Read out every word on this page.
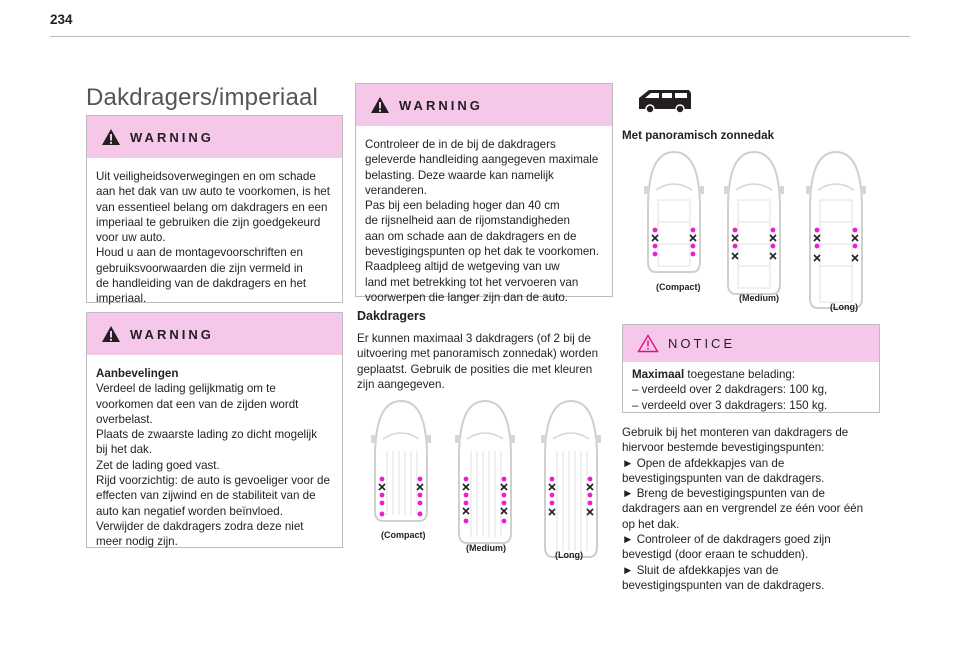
234
Dakdragers/imperiaal
WARNING

Uit veiligheidsoverwegingen en om schade

aan het dak van uw auto te voorkomen, is het

van essentieel belang om dakdragers en een

imperiaal te gebruiken die zijn goedgekeurd

voor uw auto.

Houd u aan de montagevoorschriften en

gebruiksvoorwaarden die zijn vermeld in

de handleiding van de dakdragers en het

imperiaal.

WARNING

Aanbevelingen

Verdeel de lading gelijkmatig om te

voorkomen dat een van de zijden wordt

overbelast.

Plaats de zwaarste lading zo dicht mogelijk

bij het dak.

Zet de lading goed vast.

Rijd voorzichtig: de auto is gevoeliger voor de

effecten van zijwind en de stabiliteit van de

auto kan negatief worden beïnvloed.

Verwijder de dakdragers zodra deze niet

meer nodig zijn.

WARNING

Controleer de in de bij de dakdragers

geleverde handleiding aangegeven maximale

belasting. Deze waarde kan namelijk

veranderen.

Pas bij een belading hoger dan 40 cm

de rijsnelheid aan de rijomstandigheden

aan om schade aan de dakdragers en de

bevestigingspunten op het dak te voorkomen.

Raadpleeg altijd de wetgeving van uw

land met betrekking tot het vervoeren van

voorwerpen die langer zijn dan de auto.

Dakdragers

Er kunnen maximaal 3 dakdragers (of 2 bij de

uitvoering met panoramisch zonnedak) worden

geplaatst. Gebruik de posities die met kleuren

zijn aangegeven.

(Compact)
(Medium)
(Long)
Met panoramisch zonnedak
(Compact)
(Medium)
(Long)
NOTICE

Maximaal toegestane belading:

– verdeeld over 2 dakdragers: 100 kg,

– verdeeld over 3 dakdragers: 150 kg.

Gebruik bij het monteren van dakdragers de

hiervoor bestemde bevestigingspunten:

► Open de afdekkapjes van de

bevestigingspunten van de dakdragers.

► Breng de bevestigingspunten van de

dakdragers aan en vergrendel ze één voor één

op het dak.

► Controleer of de dakdragers goed zijn

bevestigd (door eraan te schudden).

► Sluit de afdekkapjes van de

bevestigingspunten van de dakdragers.
